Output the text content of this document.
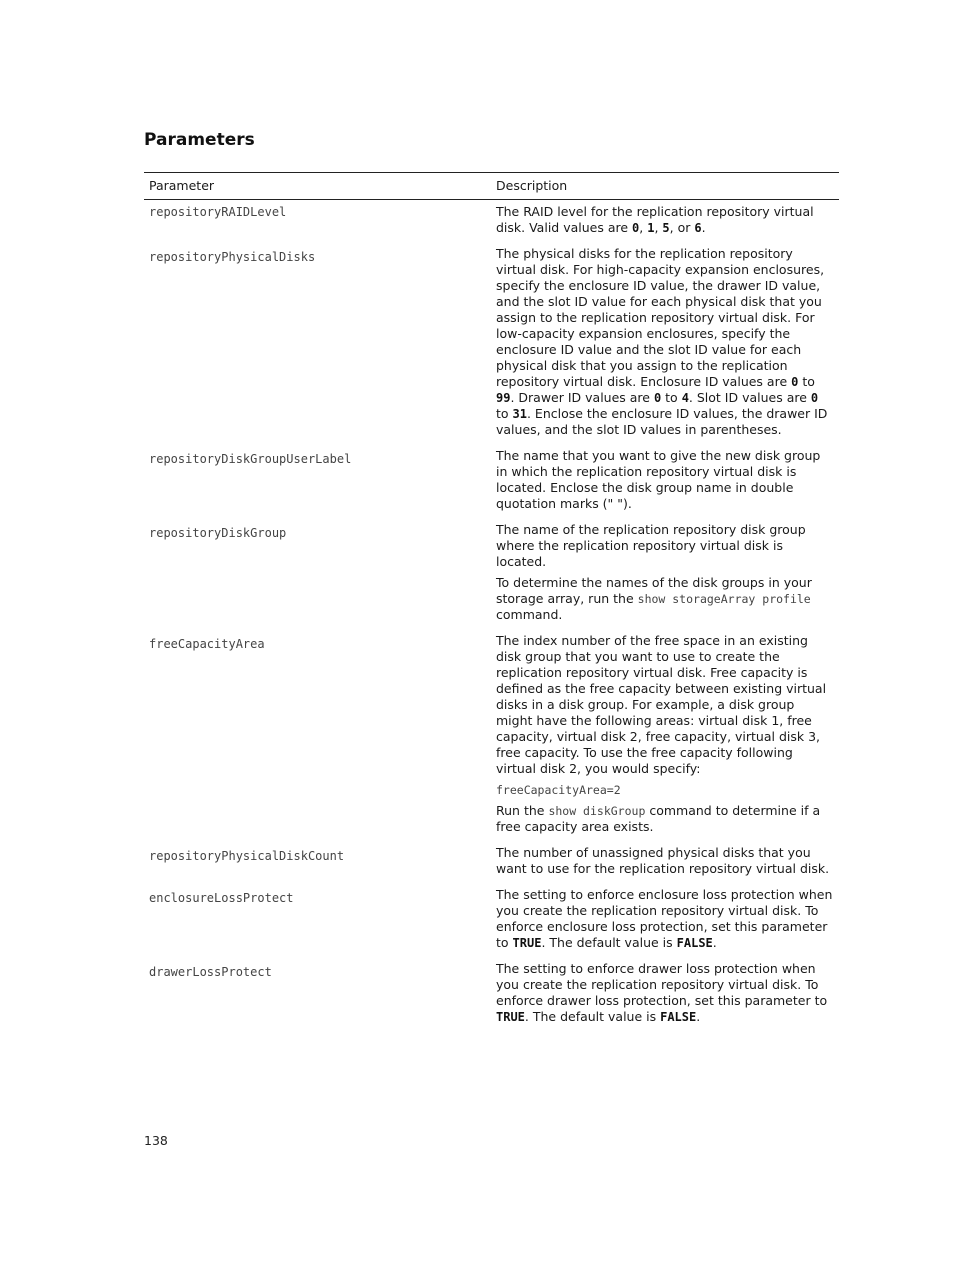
Parameters
Parameter	Description
repositoryRAIDLevel	The RAID level for the replication repository virtual disk. Valid values are 0, 1, 5, or 6.

repositoryPhysicalDisks	The physical disks for the replication repository virtual disk. For high-capacity expansion enclosures, specify the enclosure ID value, the drawer ID value, and the slot ID value for each physical disk that you assign to the replication repository virtual disk. For low-capacity expansion enclosures, specify the enclosure ID value and the slot ID value for each physical disk that you assign to the replication repository virtual disk. Enclosure ID values are 0 to 99. Drawer ID values are 0 to 4. Slot ID values are 0 to 31. Enclose the enclosure ID values, the drawer ID values, and the slot ID values in parentheses.

repositoryDiskGroupUserLabel	The name that you want to give the new disk group in which the replication repository virtual disk is located. Enclose the disk group name in double quotation marks (" ").

repositoryDiskGroup	The name of the replication repository disk group where the replication repository virtual disk is located.
To determine the names of the disk groups in your storage array, run the show storageArray profile command.

freeCapacityArea	The index number of the free space in an existing disk group that you want to use to create the replication repository virtual disk. Free capacity is defined as the free capacity between existing virtual disks in a disk group. For example, a disk group might have the following areas: virtual disk 1, free capacity, virtual disk 2, free capacity, virtual disk 3, free capacity. To use the free capacity following virtual disk 2, you would specify:
freeCapacityArea=2
Run the show diskGroup command to determine if a free capacity area exists.

repositoryPhysicalDiskCount	The number of unassigned physical disks that you want to use for the replication repository virtual disk.

enclosureLossProtect	The setting to enforce enclosure loss protection when you create the replication repository virtual disk. To enforce enclosure loss protection, set this parameter to TRUE. The default value is FALSE.

drawerLossProtect	The setting to enforce drawer loss protection when you create the replication repository virtual disk. To enforce drawer loss protection, set this parameter to TRUE. The default value is FALSE.
138
